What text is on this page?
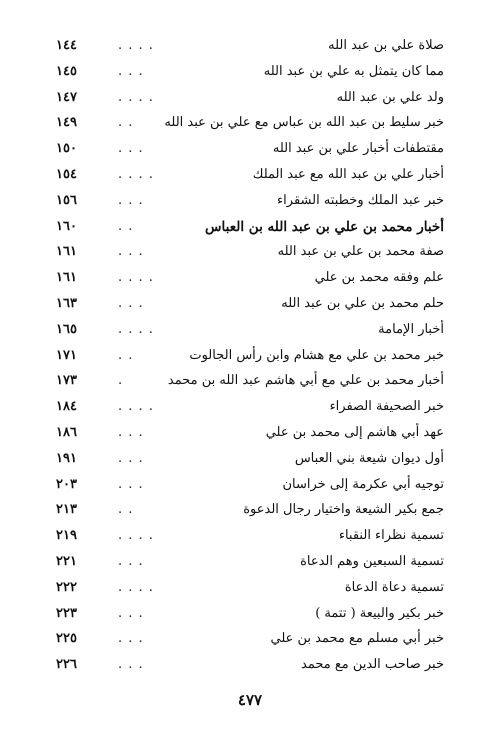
صلاة علي بن عبد الله
. . . .
١٤٤
مما كان يتمثل به علي بن عبد الله
. . .
١٤٥
ولد علي بن عبد الله
. . . .
١٤٧
خبر سليط بن عبد الله بن عباس مع علي بن عبد الله
. .
١٤٩
مقتطفات أخبار علي بن عبد الله
. . .
١٥٠
أخبار علي بن عبد الله مع عبد الملك
. . . .
١٥٤
خبر عبد الملك وخطبته الشقراء
. . .
١٥٦
أخبار محمد بن علي بن عبد الله بن العباس
. .
١٦٠
صفة محمد بن علي بن عبد الله
. . .
١٦١
علم وفقه محمد بن علي
. . . .
١٦١
حلم محمد بن علي بن عبد الله
. . .
١٦٣
أخبار الإمامة
. . . .
١٦٥
خبر محمد بن علي مع هشام وابن رأس الجالوت
. .
١٧١
أخبار محمد بن علي مع أبي هاشم عبد الله بن محمد
.
١٧٣
خبر الصحيفة الصفراء
. . . .
١٨٤
عهد أبي هاشم إلى محمد بن علي
. . .
١٨٦
أول ديوان شيعة بني العباس
. . .
١٩١
توجيه أبي عكرمة إلى خراسان
. . .
٢٠٣
جمع بكير الشيعة واختيار رجال الدعوة
. .
٢١٣
تسمية نظراء النقباء
. . . .
٢١٩
تسمية السبعين وهم الدعاة
. . .
٢٢١
تسمية دعاة الدعاة
. . . .
٢٢٢
خبر بكير والبيعة ( تتمة )
. . .
٢٢٣
خبر أبي مسلم مع محمد بن علي
. . .
٢٢٥
خبر صاحب الدين مع محمد
. . .
٢٢٦
٤٧٧
